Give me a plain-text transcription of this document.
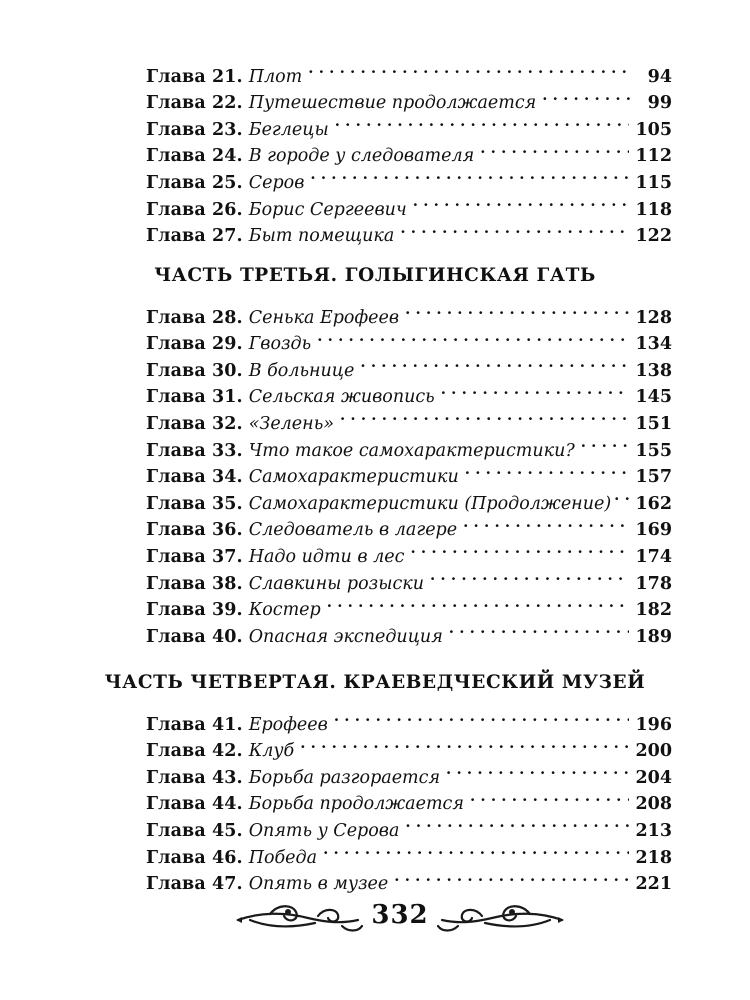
Глава 21. Плот . . .	94
Глава 22. Путешествие продолжается . . .	99
Глава 23. Беглецы . . .	105
Глава 24. В городе у следователя . . .	112
Глава 25. Серов . . .	115
Глава 26. Борис Сергеевич . . .	118
Глава 27. Быт помещика . . .	122
ЧАСТЬ ТРЕТЬЯ. ГОЛЫГИНСКАЯ ГАТЬ
Глава 28. Сенька Ерофеев . . .	128
Глава 29. Гвоздь . . .	134
Глава 30. В больнице . . .	138
Глава 31. Сельская живопись . . .	145
Глава 32. «Зелень» . . .	151
Глава 33. Что такое самохарактеристики? . . .	155
Глава 34. Самохарактеристики . . .	157
Глава 35. Самохарактеристики (Продолжение) . . . 162
Глава 36. Следователь в лагере . . .	169
Глава 37. Надо идти в лес . . .	174
Глава 38. Славкины розыски . . .	178
Глава 39. Костер . . .	182
Глава 40. Опасная экспедиция . . .	189
ЧАСТЬ ЧЕТВЕРТАЯ. КРАЕВЕДЧЕСКИЙ МУЗЕЙ
Глава 41. Ерофеев . . .	196
Глава 42. Клуб . . .	200
Глава 43. Борьба разгорается . . .	204
Глава 44. Борьба продолжается . . .	208
Глава 45. Опять у Серова . . .	213
Глава 46. Победа . . .	218
Глава 47. Опять в музее . . .	221
332
